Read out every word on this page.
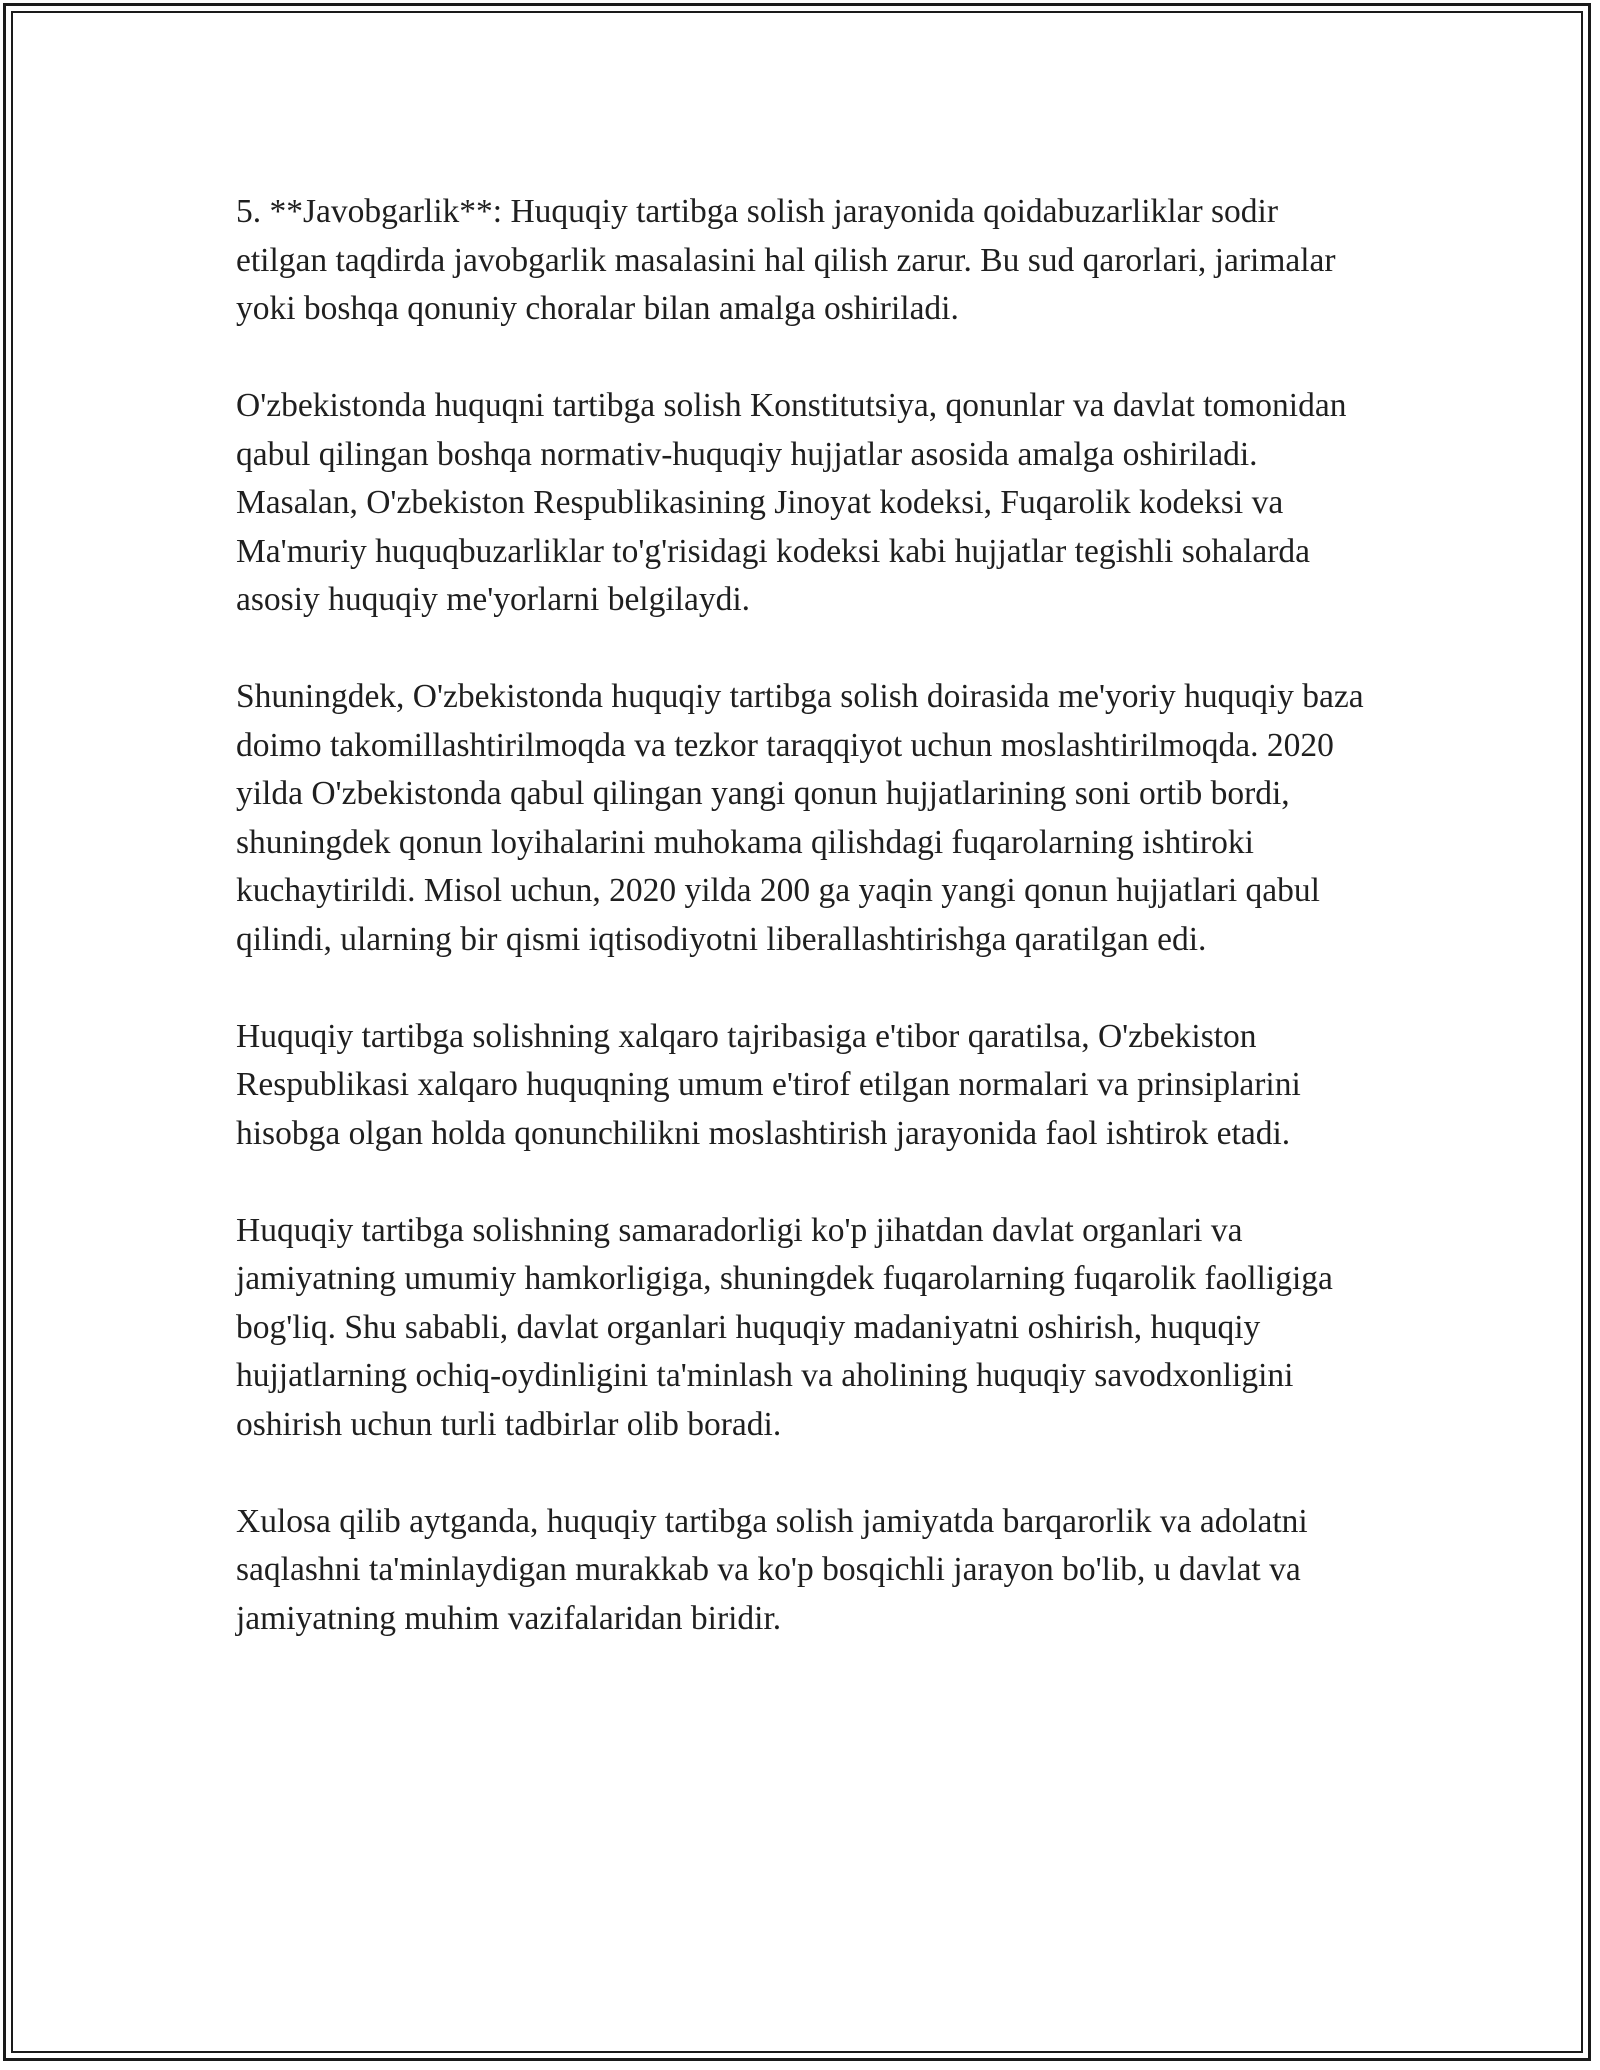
5. **Javobgarlik**: Huquqiy tartibga solish jarayonida qoidabuzarliklar sodir etilgan taqdirda javobgarlik masalasini hal qilish zarur. Bu sud qarorlari, jarimalar yoki boshqa qonuniy choralar bilan amalga oshiriladi.

O'zbekistonda huquqni tartibga solish Konstitutsiya, qonunlar va davlat tomonidan qabul qilingan boshqa normativ-huquqiy hujjatlar asosida amalga oshiriladi. Masalan, O'zbekiston Respublikasining Jinoyat kodeksi, Fuqarolik kodeksi va Ma'muriy huquqbuzarliklar to'g'risidagi kodeksi kabi hujjatlar tegishli sohalarda asosiy huquqiy me'yorlarni belgilaydi.

Shuningdek, O'zbekistonda huquqiy tartibga solish doirasida me'yoriy huquqiy baza doimo takomillashtirilmoqda va tezkor taraqqiyot uchun moslashtirilmoqda. 2020 yilda O'zbekistonda qabul qilingan yangi qonun hujjatlarining soni ortib bordi, shuningdek qonun loyihalarini muhokama qilishdagi fuqarolarning ishtiroki kuchaytirildi. Misol uchun, 2020 yilda 200 ga yaqin yangi qonun hujjatlari qabul qilindi, ularning bir qismi iqtisodiyotni liberallashtirishga qaratilgan edi.

Huquqiy tartibga solishning xalqaro tajribasiga e'tibor qaratilsa, O'zbekiston Respublikasi xalqaro huquqning umum e'tirof etilgan normalari va prinsiplarini hisobga olgan holda qonunchilikni moslashtirish jarayonida faol ishtirok etadi.

Huquqiy tartibga solishning samaradorligi ko'p jihatdan davlat organlari va jamiyatning umumiy hamkorligiga, shuningdek fuqarolarning fuqarolik faolligiga bog'liq. Shu sababli, davlat organlari huquqiy madaniyatni oshirish, huquqiy hujjatlarning ochiq-oydinligini ta'minlash va aholining huquqiy savodxonligini oshirish uchun turli tadbirlar olib boradi.

Xulosa qilib aytganda, huquqiy tartibga solish jamiyatda barqarorlik va adolatni saqlashni ta'minlaydigan murakkab va ko'p bosqichli jarayon bo'lib, u davlat va jamiyatning muhim vazifalaridan biridir.
